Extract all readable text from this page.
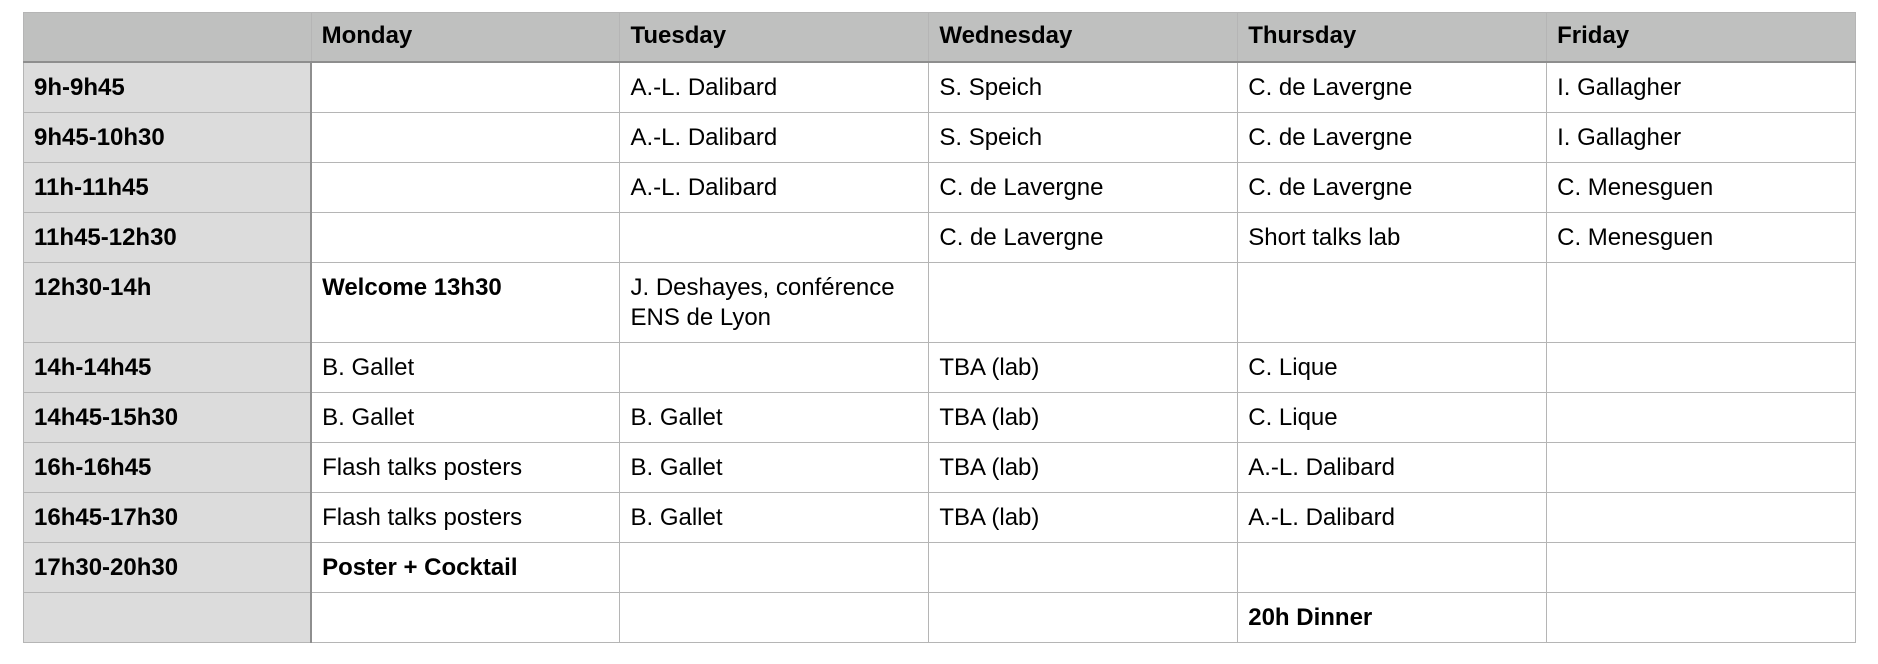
	Monday	Tuesday	Wednesday	Thursday	Friday
9h-9h45		A.-L. Dalibard	S. Speich	C. de Lavergne	I. Gallagher
9h45-10h30		A.-L. Dalibard	S. Speich	C. de Lavergne	I. Gallagher
11h-11h45		A.-L. Dalibard	C. de Lavergne	C. de Lavergne	C. Menesguen
11h45-12h30			C. de Lavergne	Short talks lab	C. Menesguen
12h30-14h	Welcome 13h30	J. Deshayes, conférence ENS de Lyon			
14h-14h45	B. Gallet		TBA (lab)	C. Lique	
14h45-15h30	B. Gallet	B. Gallet	TBA (lab)	C. Lique	
16h-16h45	Flash talks posters	B. Gallet	TBA (lab)	A.-L. Dalibard	
16h45-17h30	Flash talks posters	B. Gallet	TBA (lab)	A.-L. Dalibard	
17h30-20h30	Poster + Cocktail				
				20h Dinner	
